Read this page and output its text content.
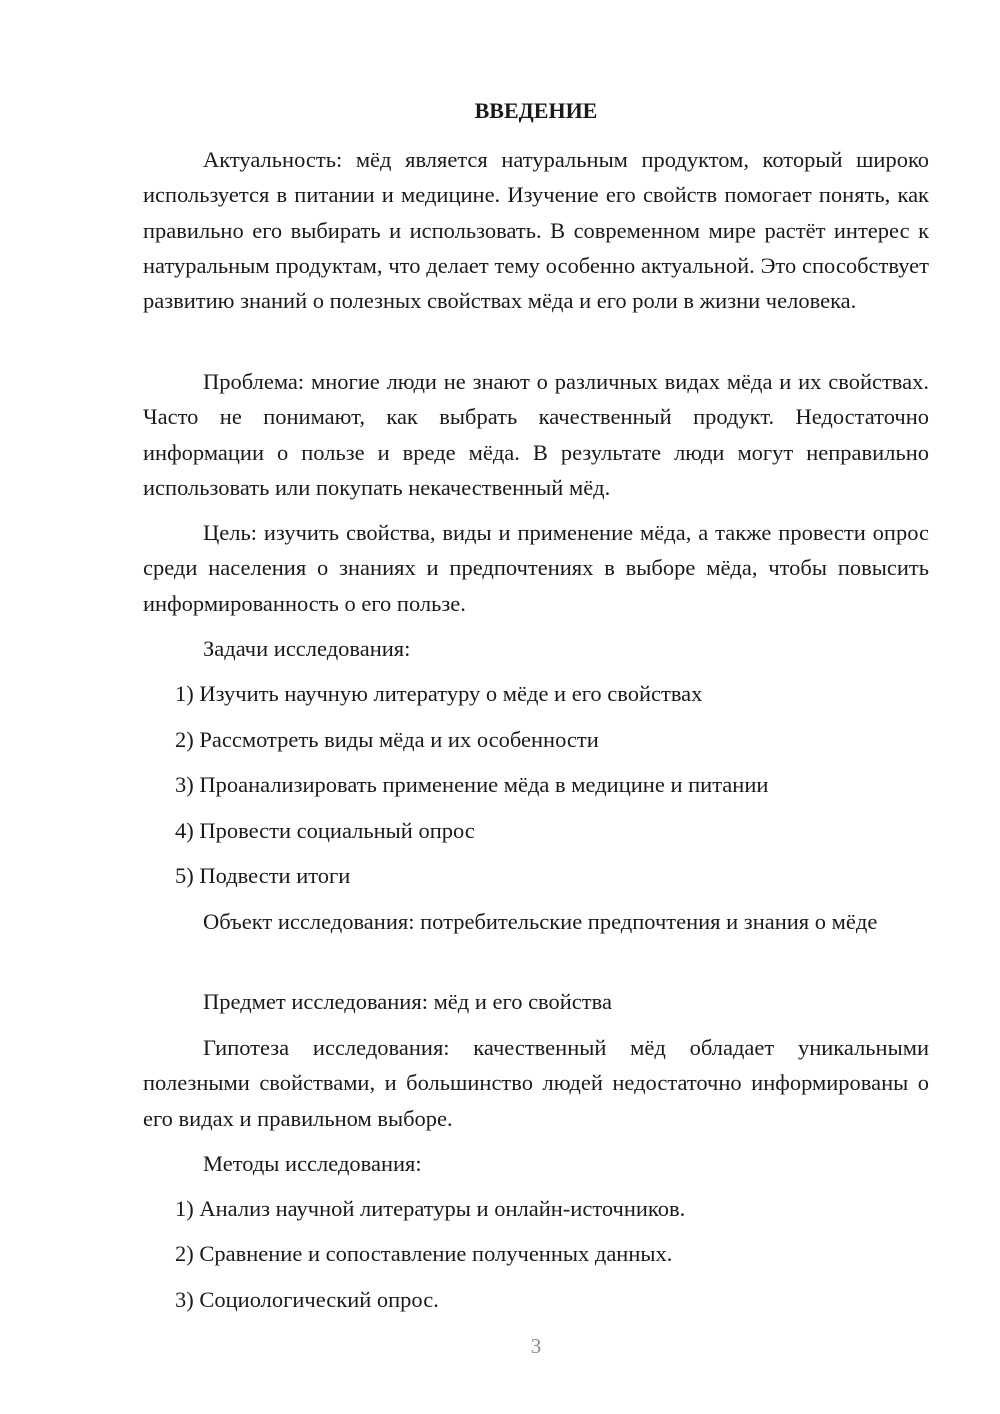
ВВЕДЕНИЕ

Актуальность: мёд является натуральным продуктом, который широко используется в питании и медицине. Изучение его свойств помогает понять, как правильно его выбирать и использовать. В современном мире растёт интерес к натуральным продуктам, что делает тему особенно актуальной. Это способствует развитию знаний о полезных свойствах мёда и его роли в жизни человека.

Проблема: многие люди не знают о различных видах мёда и их свойствах. Часто не понимают, как выбрать качественный продукт. Недостаточно информации о пользе и вреде мёда. В результате люди могут неправильно использовать или покупать некачественный мёд.

Цель: изучить свойства, виды и применение мёда, а также провести опрос среди населения о знаниях и предпочтениях в выборе мёда, чтобы повысить информированность о его пользе.

Задачи исследования:

1) Изучить научную литературу о мёде и его свойствах

2) Рассмотреть виды мёда и их особенности

3) Проанализировать применение мёда в медицине и питании

4) Провести социальный опрос

5) Подвести итоги

Объект исследования: потребительские предпочтения и знания о мёде

Предмет исследования: мёд и его свойства

Гипотеза исследования: качественный мёд обладает уникальными полезными свойствами, и большинство людей недостаточно информированы о его видах и правильном выборе.

Методы исследования:

1) Анализ научной литературы и онлайн-источников.

2) Сравнение и сопоставление полученных данных.

3) Социологический опрос.

3
